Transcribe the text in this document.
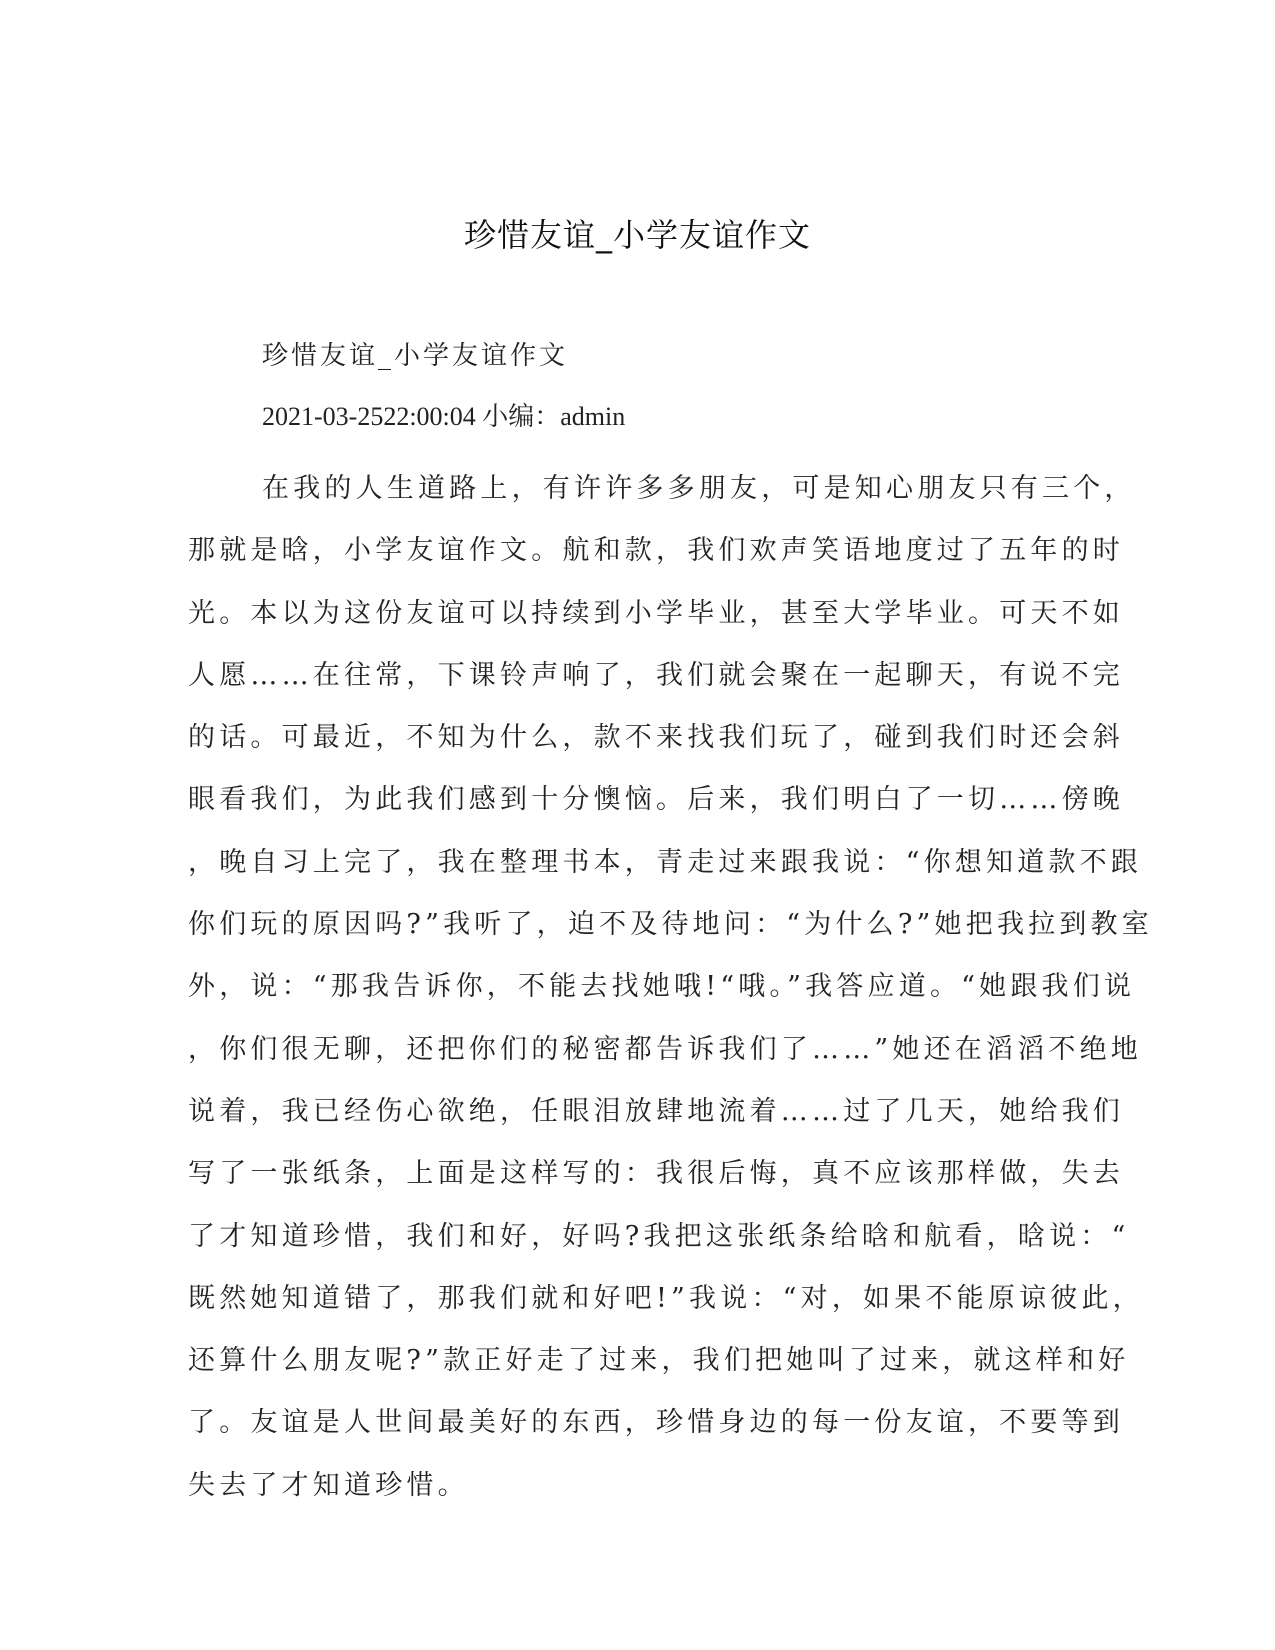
珍惜友谊_小学友谊作文
珍惜友谊_小学友谊作文
2021-03-2522:00:04 小编：admin
在我的人生道路上，有许许多多朋友，可是知心朋友只有三个，
那就是晗，小学友谊作文。航和款，我们欢声笑语地度过了五年的时
光。本以为这份友谊可以持续到小学毕业，甚至大学毕业。可天不如
人愿……在往常，下课铃声响了，我们就会聚在一起聊天，有说不完
的话。可最近，不知为什么，款不来找我们玩了，碰到我们时还会斜
眼看我们，为此我们感到十分懊恼。后来，我们明白了一切……傍晚
，晚自习上完了，我在整理书本，青走过来跟我说：“你想知道款不跟
你们玩的原因吗?”我听了，迫不及待地问：“为什么?”她把我拉到教室
外，说：“那我告诉你，不能去找她哦!“哦。”我答应道。“她跟我们说
，你们很无聊，还把你们的秘密都告诉我们了……”她还在滔滔不绝地
说着，我已经伤心欲绝，任眼泪放肆地流着……过了几天，她给我们
写了一张纸条，上面是这样写的：我很后悔，真不应该那样做，失去
了才知道珍惜，我们和好，好吗?我把这张纸条给晗和航看，晗说：“
既然她知道错了，那我们就和好吧!”我说：“对，如果不能原谅彼此，
还算什么朋友呢?”款正好走了过来，我们把她叫了过来，就这样和好
了。友谊是人世间最美好的东西，珍惜身边的每一份友谊，不要等到
失去了才知道珍惜。
